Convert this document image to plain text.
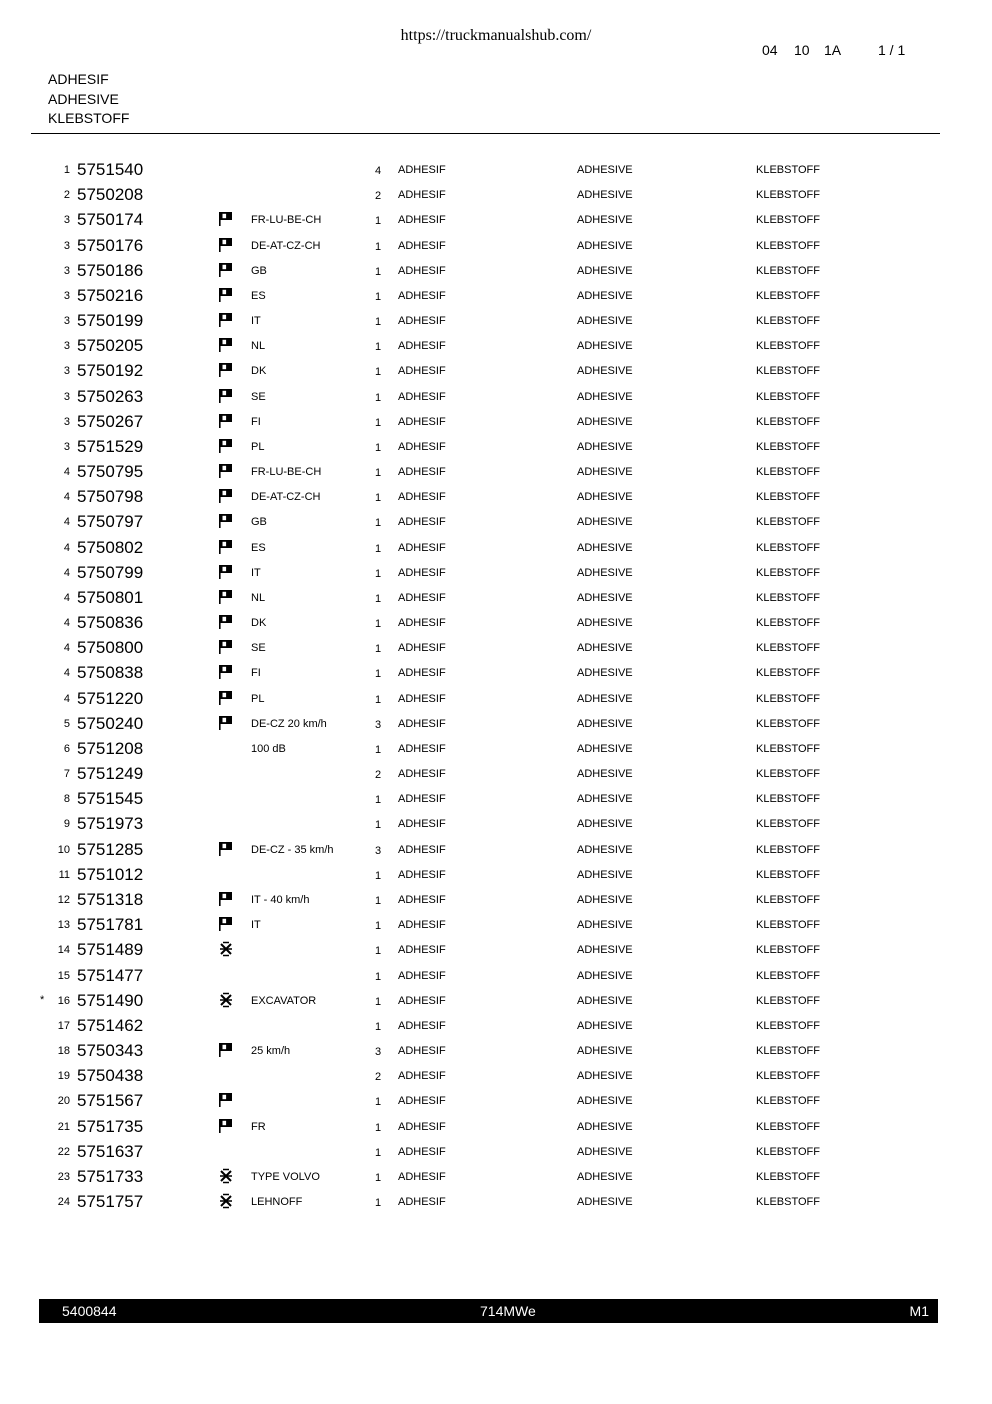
https://truckmanualshub.com/
04 10 1A	1 / 1
ADHESIF
ADHESIVE
KLEBSTOFF
1 5751540	4 ADHESIF	ADHESIVE	KLEBSTOFF
2 5750208	2 ADHESIF	ADHESIVE	KLEBSTOFF
3 5750174	FR-LU-BE-CH	1 ADHESIF	ADHESIVE	KLEBSTOFF
3 5750176	DE-AT-CZ-CH	1 ADHESIF	ADHESIVE	KLEBSTOFF
3 5750186	GB	1 ADHESIF	ADHESIVE	KLEBSTOFF
3 5750216	ES	1 ADHESIF	ADHESIVE	KLEBSTOFF
3 5750199	IT	1 ADHESIF	ADHESIVE	KLEBSTOFF
3 5750205	NL	1 ADHESIF	ADHESIVE	KLEBSTOFF
3 5750192	DK	1 ADHESIF	ADHESIVE	KLEBSTOFF
3 5750263	SE	1 ADHESIF	ADHESIVE	KLEBSTOFF
3 5750267	FI	1 ADHESIF	ADHESIVE	KLEBSTOFF
3 5751529	PL	1 ADHESIF	ADHESIVE	KLEBSTOFF
4 5750795	FR-LU-BE-CH	1 ADHESIF	ADHESIVE	KLEBSTOFF
4 5750798	DE-AT-CZ-CH	1 ADHESIF	ADHESIVE	KLEBSTOFF
4 5750797	GB	1 ADHESIF	ADHESIVE	KLEBSTOFF
4 5750802	ES	1 ADHESIF	ADHESIVE	KLEBSTOFF
4 5750799	IT	1 ADHESIF	ADHESIVE	KLEBSTOFF
4 5750801	NL	1 ADHESIF	ADHESIVE	KLEBSTOFF
4 5750836	DK	1 ADHESIF	ADHESIVE	KLEBSTOFF
4 5750800	SE	1 ADHESIF	ADHESIVE	KLEBSTOFF
4 5750838	FI	1 ADHESIF	ADHESIVE	KLEBSTOFF
4 5751220	PL	1 ADHESIF	ADHESIVE	KLEBSTOFF
5 5750240	DE-CZ 20 km/h	3 ADHESIF	ADHESIVE	KLEBSTOFF
6 5751208	100 dB	1 ADHESIF	ADHESIVE	KLEBSTOFF
7 5751249	2 ADHESIF	ADHESIVE	KLEBSTOFF
8 5751545	1 ADHESIF	ADHESIVE	KLEBSTOFF
9 5751973	1 ADHESIF	ADHESIVE	KLEBSTOFF
10 5751285	DE-CZ - 35 km/h	3 ADHESIF	ADHESIVE	KLEBSTOFF
11 5751012	1 ADHESIF	ADHESIVE	KLEBSTOFF
12 5751318	IT - 40 km/h	1 ADHESIF	ADHESIVE	KLEBSTOFF
13 5751781	IT	1 ADHESIF	ADHESIVE	KLEBSTOFF
14 5751489	1 ADHESIF	ADHESIVE	KLEBSTOFF
15 5751477	1 ADHESIF	ADHESIVE	KLEBSTOFF
* 16 5751490	EXCAVATOR	1 ADHESIF	ADHESIVE	KLEBSTOFF
17 5751462	1 ADHESIF	ADHESIVE	KLEBSTOFF
18 5750343	25 km/h	3 ADHESIF	ADHESIVE	KLEBSTOFF
19 5750438	2 ADHESIF	ADHESIVE	KLEBSTOFF
20 5751567	1 ADHESIF	ADHESIVE	KLEBSTOFF
21 5751735	FR	1 ADHESIF	ADHESIVE	KLEBSTOFF
22 5751637	1 ADHESIF	ADHESIVE	KLEBSTOFF
23 5751733	TYPE VOLVO	1 ADHESIF	ADHESIVE	KLEBSTOFF
24 5751757	LEHNOFF	1 ADHESIF	ADHESIVE	KLEBSTOFF
5400844	714MWe	M1
